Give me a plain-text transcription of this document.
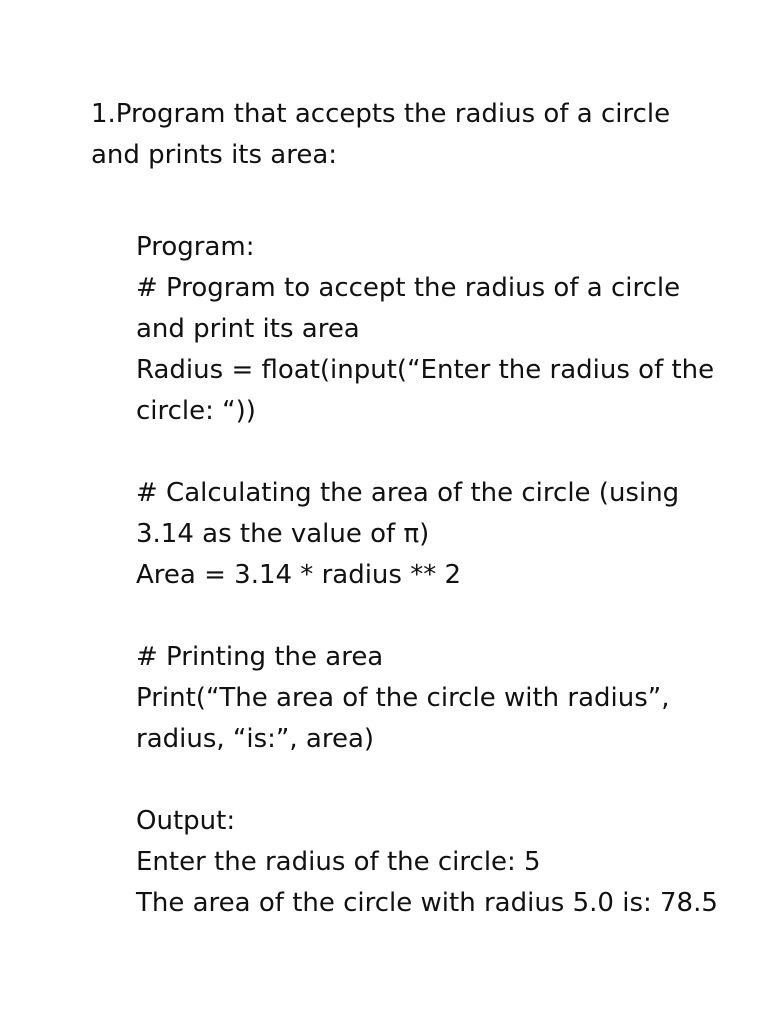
1.Program that accepts the radius of a circle
and prints its area:
Program:
# Program to accept the radius of a circle
and print its area
Radius = float(input(“Enter the radius of the
circle: “))
# Calculating the area of the circle (using
3.14 as the value of π)
Area = 3.14 * radius ** 2
# Printing the area
Print(“The area of the circle with radius”,
radius, “is:”, area)
Output:
Enter the radius of the circle: 5
The area of the circle with radius 5.0 is: 78.5
